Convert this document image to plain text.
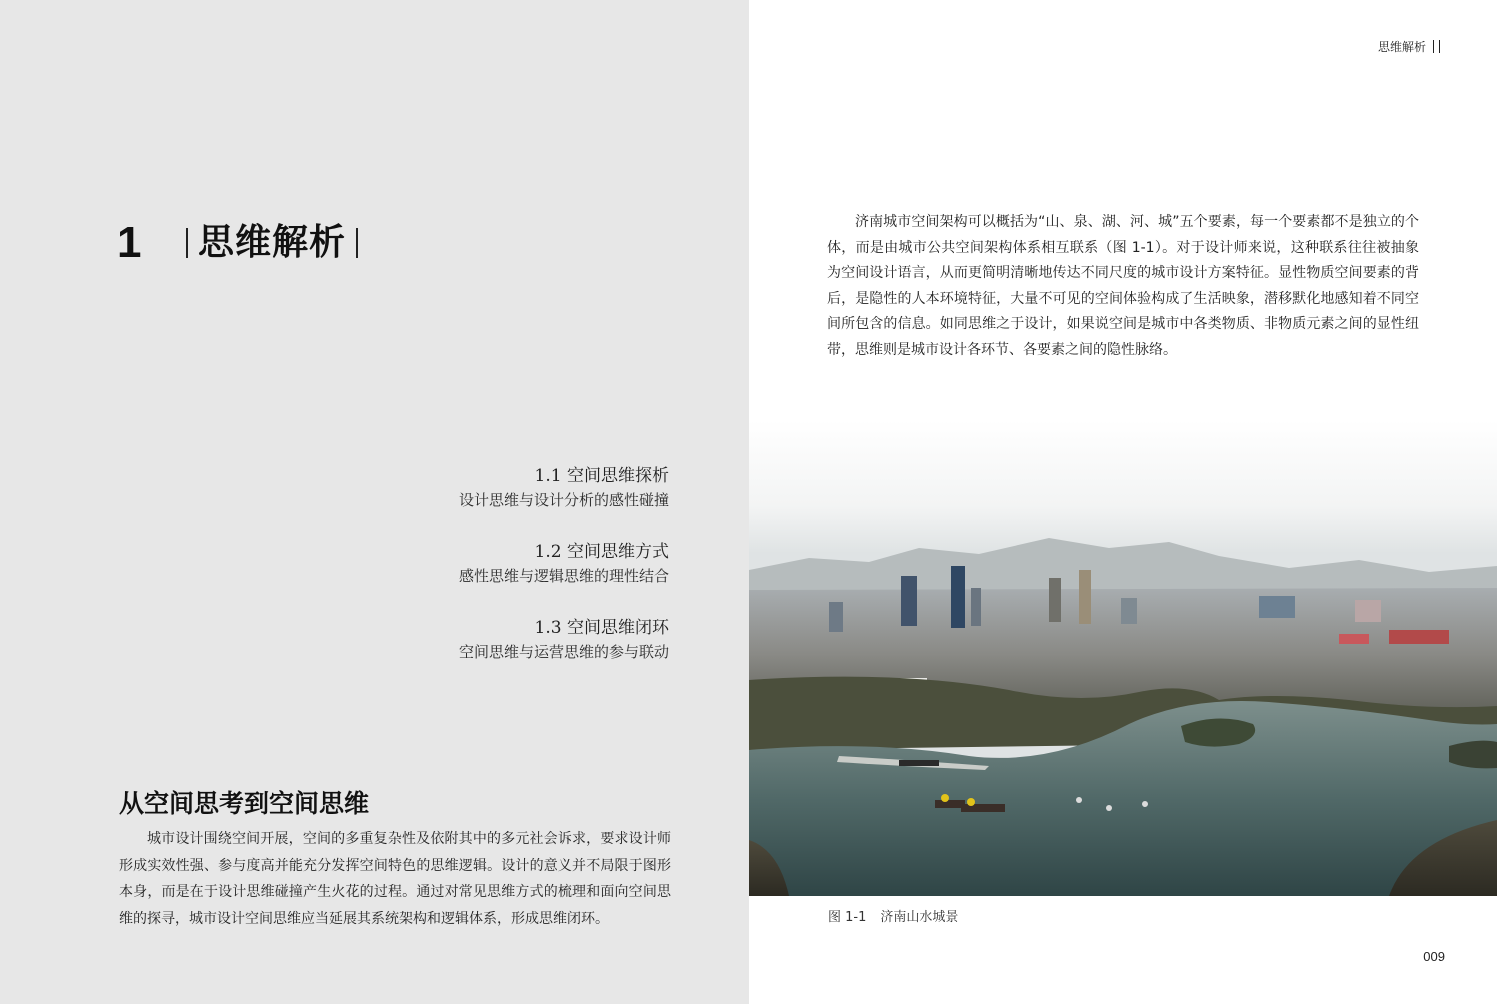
1 思维解析
1.1 空间思维探析
设计思维与设计分析的感性碰撞
1.2 空间思维方式
感性思维与逻辑思维的理性结合
1.3 空间思维闭环
空间思维与运营思维的参与联动
从空间思考到空间思维
城市设计围绕空间开展，空间的多重复杂性及依附其中的多元社会诉求，要求设计师形成实效性强、参与度高并能充分发挥空间特色的思维逻辑。设计的意义并不局限于图形本身，而是在于设计思维碰撞产生火花的过程。通过对常见思维方式的梳理和面向空间思维的探寻，城市设计空间思维应当延展其系统架构和逻辑体系，形成思维闭环。
思维解析
济南城市空间架构可以概括为“山、泉、湖、河、城”五个要素，每一个要素都不是独立的个体，而是由城市公共空间架构体系相互联系（图 1-1）。对于设计师来说，这种联系往往被抽象为空间设计语言，从而更简明清晰地传达不同尺度的城市设计方案特征。显性物质空间要素的背后，是隐性的人本环境特征，大量不可见的空间体验构成了生活映象，潜移默化地感知着不同空间所包含的信息。如同思维之于设计，如果说空间是城市中各类物质、非物质元素之间的显性纽带，思维则是城市设计各环节、各要素之间的隐性脉络。
图 1-1 济南山水城景
009
